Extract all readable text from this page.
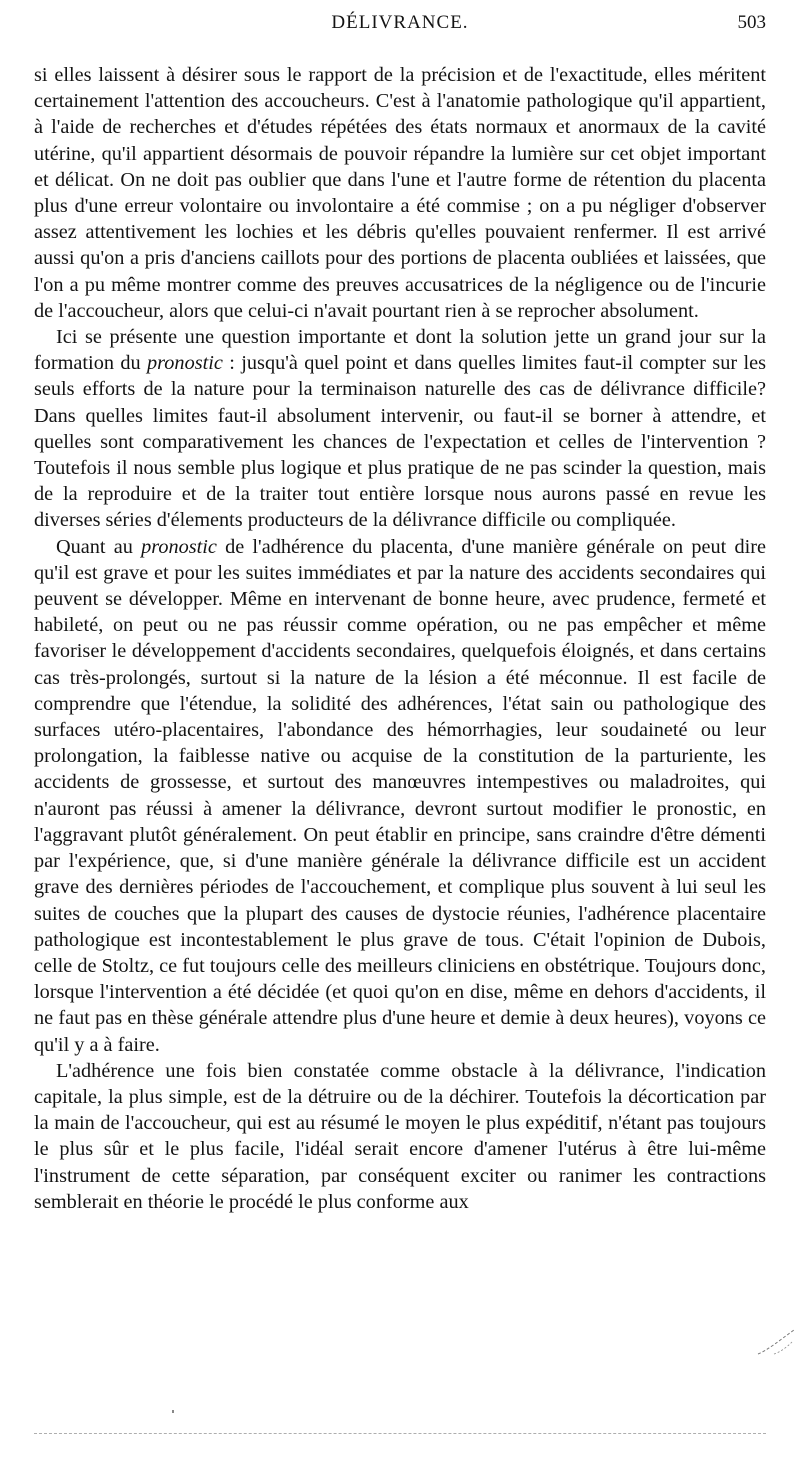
DÉLIVRANCE.	503

si elles laissent à désirer sous le rapport de la précision et de l'exactitude, elles méritent certainement l'attention des accoucheurs. C'est à l'anatomie pathologique qu'il appartient, à l'aide de recherches et d'études répétées des états normaux et anormaux de la cavité utérine, qu'il appartient désormais de pouvoir répandre la lumière sur cet objet important et délicat. On ne doit pas oublier que dans l'une et l'autre forme de rétention du placenta plus d'une erreur volontaire ou involontaire a été commise ; on a pu négliger d'observer assez attentivement les lochies et les débris qu'elles pouvaient renfermer. Il est arrivé aussi qu'on a pris d'anciens caillots pour des portions de placenta oubliées et laissées, que l'on a pu même montrer comme des preuves accusatrices de la négligence ou de l'incurie de l'accoucheur, alors que celui-ci n'avait pourtant rien à se reprocher absolument.

Ici se présente une question importante et dont la solution jette un grand jour sur la formation du pronostic : jusqu'à quel point et dans quelles limites faut-il compter sur les seuls efforts de la nature pour la terminaison naturelle des cas de délivrance difficile? Dans quelles limites faut-il absolument intervenir, ou faut-il se borner à attendre, et quelles sont comparativement les chances de l'expectation et celles de l'intervention ? Toutefois il nous semble plus logique et plus pratique de ne pas scinder la question, mais de la reproduire et de la traiter tout entière lorsque nous aurons passé en revue les diverses séries d'élements producteurs de la délivrance difficile ou compliquée.

Quant au pronostic de l'adhérence du placenta, d'une manière générale on peut dire qu'il est grave et pour les suites immédiates et par la nature des accidents secondaires qui peuvent se développer. Même en intervenant de bonne heure, avec prudence, fermeté et habileté, on peut ou ne pas réussir comme opération, ou ne pas empêcher et même favoriser le développement d'accidents secondaires, quelquefois éloignés, et dans certains cas très-prolongés, surtout si la nature de la lésion a été méconnue. Il est facile de comprendre que l'étendue, la solidité des adhérences, l'état sain ou pathologique des surfaces utéro-placentaires, l'abondance des hémorrhagies, leur soudaineté ou leur prolongation, la faiblesse native ou acquise de la constitution de la parturiente, les accidents de grossesse, et surtout des manœuvres intempestives ou maladroites, qui n'auront pas réussi à amener la délivrance, devront surtout modifier le pronostic, en l'aggravant plutôt généralement. On peut établir en principe, sans craindre d'être démenti par l'expérience, que, si d'une manière générale la délivrance difficile est un accident grave des dernières périodes de l'accouchement, et complique plus souvent à lui seul les suites de couches que la plupart des causes de dystocie réunies, l'adhérence placentaire pathologique est incontestablement le plus grave de tous. C'était l'opinion de Dubois, celle de Stoltz, ce fut toujours celle des meilleurs cliniciens en obstétrique. Toujours donc, lorsque l'intervention a été décidée (et quoi qu'on en dise, même en dehors d'accidents, il ne faut pas en thèse générale attendre plus d'une heure et demie à deux heures), voyons ce qu'il y a à faire.

L'adhérence une fois bien constatée comme obstacle à la délivrance, l'indication capitale, la plus simple, est de la détruire ou de la déchirer. Toutefois la décortication par la main de l'accoucheur, qui est au résumé le moyen le plus expéditif, n'étant pas toujours le plus sûr et le plus facile, l'idéal serait encore d'amener l'utérus à être lui-même l'instrument de cette séparation, par conséquent exciter ou ranimer les contractions semblerait en théorie le procédé le plus conforme aux
